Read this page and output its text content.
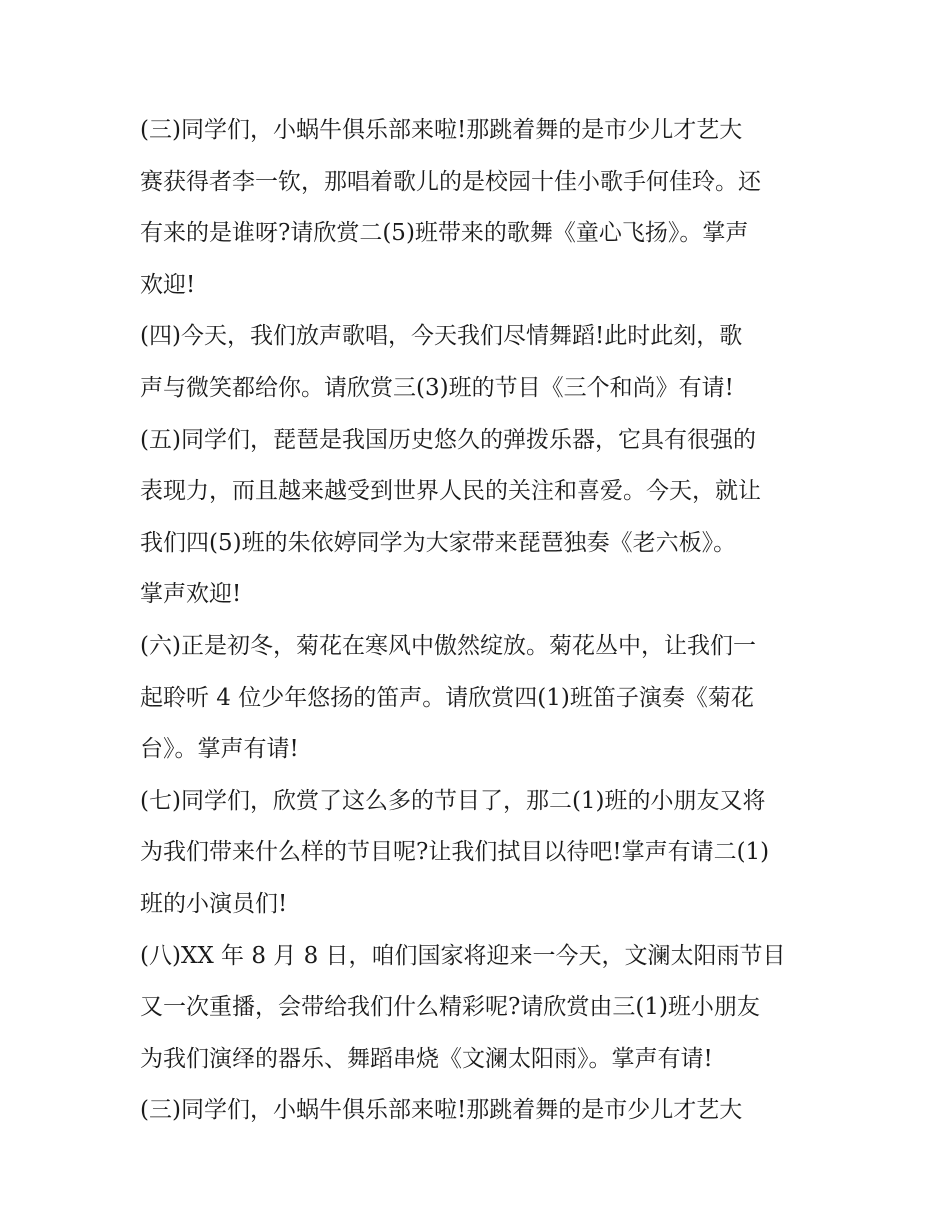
(三)同学们，小蜗牛俱乐部来啦!那跳着舞的是市少儿才艺大
赛获得者李一钦，那唱着歌儿的是校园十佳小歌手何佳玲。还
有来的是谁呀?请欣赏二(5)班带来的歌舞《童心飞扬》。掌声
欢迎!
(四)今天，我们放声歌唱，今天我们尽情舞蹈!此时此刻，歌
声与微笑都给你。请欣赏三(3)班的节目《三个和尚》有请!
(五)同学们，琵琶是我国历史悠久的弹拨乐器，它具有很强的
表现力，而且越来越受到世界人民的关注和喜爱。今天，就让
我们四(5)班的朱依婷同学为大家带来琵琶独奏《老六板》。
掌声欢迎!
(六)正是初冬，菊花在寒风中傲然绽放。菊花丛中，让我们一
起聆听 4 位少年悠扬的笛声。请欣赏四(1)班笛子演奏《菊花
台》。掌声有请!
(七)同学们，欣赏了这么多的节目了，那二(1)班的小朋友又将
为我们带来什么样的节目呢?让我们拭目以待吧!掌声有请二(1)
班的小演员们!
(八)XX 年 8 月 8 日，咱们国家将迎来一今天，文澜太阳雨节目
又一次重播，会带给我们什么精彩呢?请欣赏由三(1)班小朋友
为我们演绎的器乐、舞蹈串烧《文澜太阳雨》。掌声有请!
(三)同学们，小蜗牛俱乐部来啦!那跳着舞的是市少儿才艺大
